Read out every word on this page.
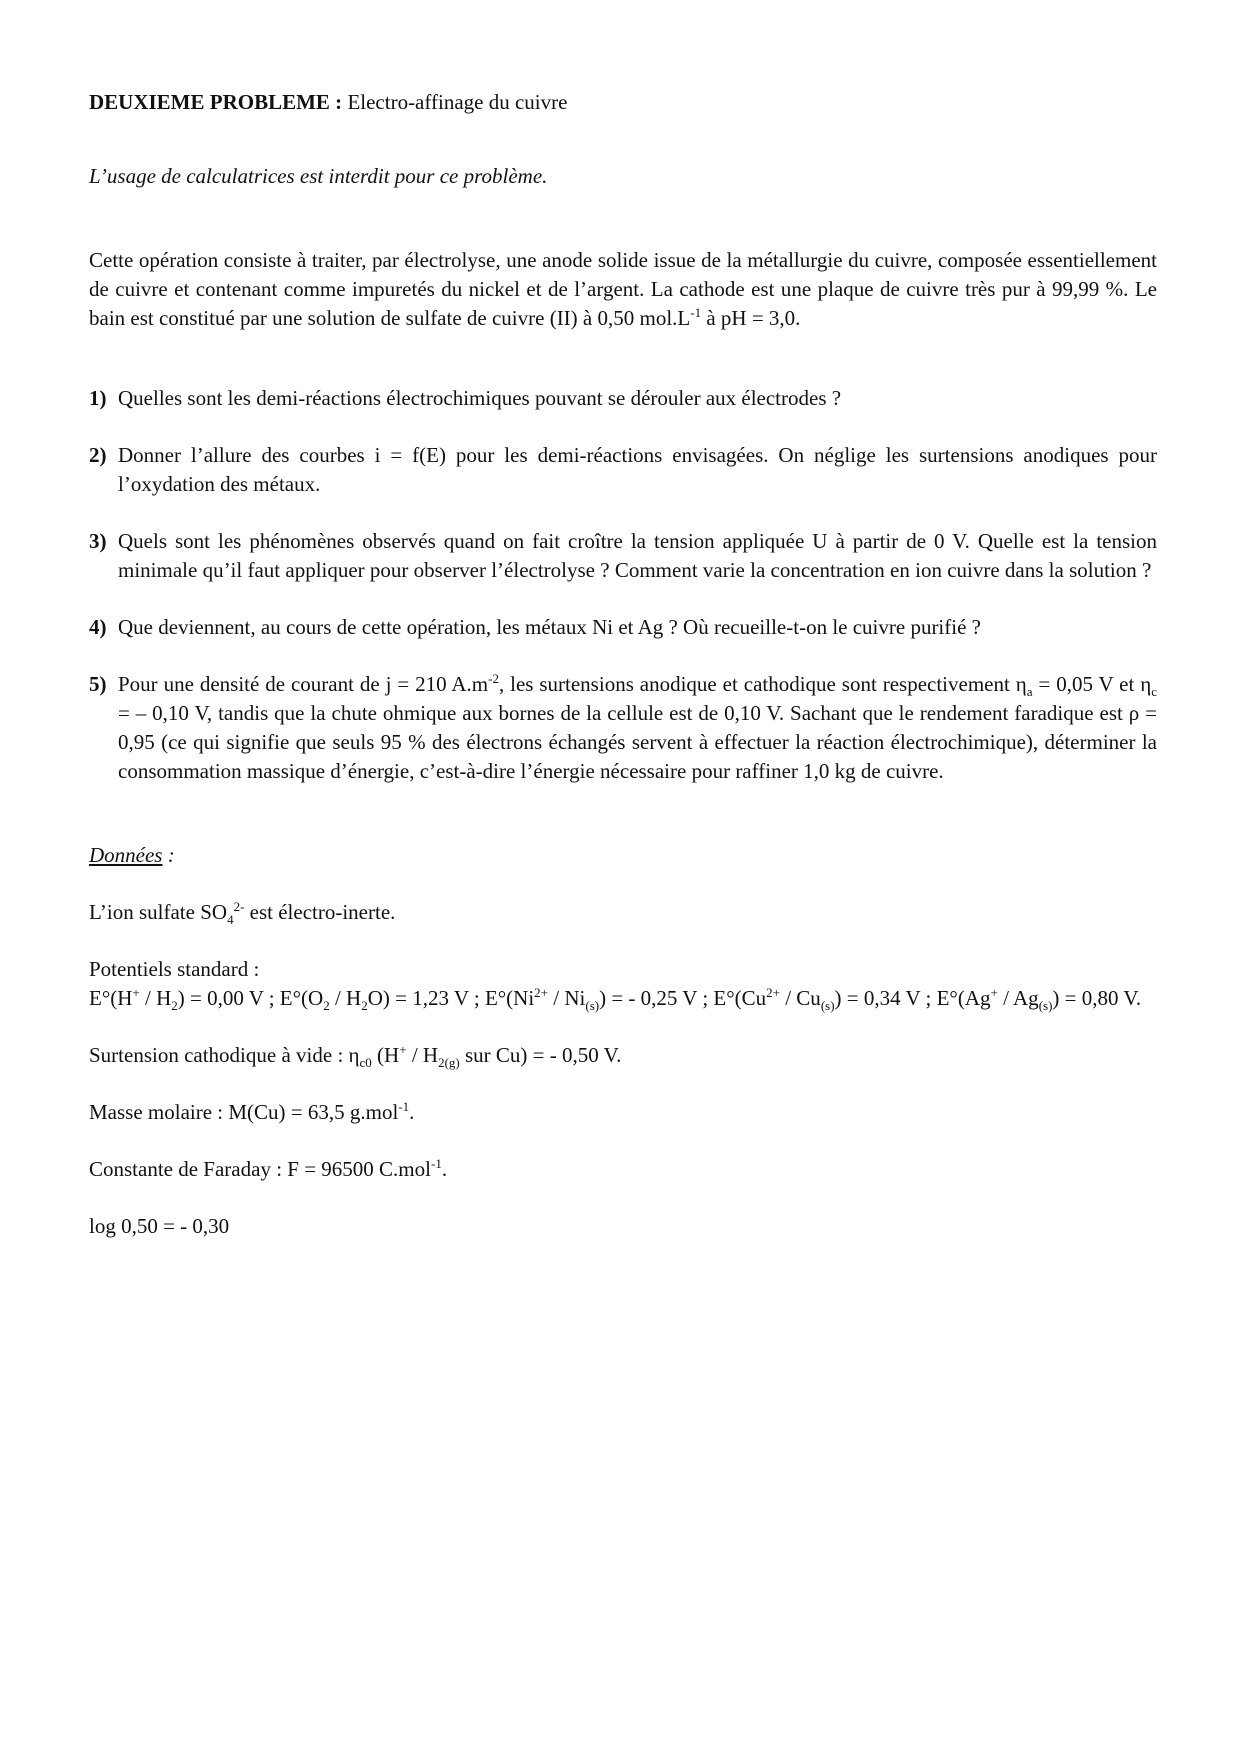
DEUXIEME PROBLEME : Electro-affinage du cuivre

L’usage de calculatrices est interdit pour ce problème.

Cette opération consiste à traiter, par électrolyse, une anode solide issue de la métallurgie du cuivre, composée essentiellement de cuivre et contenant comme impuretés du nickel et de l’argent. La cathode est une plaque de cuivre très pur à 99,99 %. Le bain est constitué par une solution de sulfate de cuivre (II) à 0,50 $mol.L^{-1}$ à pH = 3,0.

1) Quelles sont les demi-réactions électrochimiques pouvant se dérouler aux électrodes ?
2) Donner l’allure des courbes i = f(E) pour les demi-réactions envisagées. On néglige les surtensions anodiques pour l’oxydation des métaux.
3) Quels sont les phénomènes observés quand on fait croître la tension appliquée U à partir de 0 V. Quelle est la tension minimale qu’il faut appliquer pour observer l’électrolyse ? Comment varie la concentration en ion cuivre dans la solution ?
4) Que deviennent, au cours de cette opération, les métaux Ni et Ag ? Où recueille-t-on le cuivre purifié ?
5) Pour une densité de courant de j = 210 $A.m^{-2}$, les surtensions anodique et cathodique sont respectivement $\eta_a = 0,05$ V et $\eta_c$ = – 0,10 V, tandis que la chute ohmique aux bornes de la cellule est de 0,10 V. Sachant que le rendement faradique est ρ = 0,95 (ce qui signifie que seuls 95 % des électrons échangés servent à effectuer la réaction électrochimique), déterminer la consommation massique d’énergie, c’est-à-dire l’énergie nécessaire pour raffiner 1,0 kg de cuivre.

Données :

L’ion sulfate $SO_4^{2-}$ est électro-inerte.

Potentiels standard :
$E^\circ(H^+ / H_2) = 0,00$ V ; $E^\circ(O_2 / H_2O) = 1,23$ V ; $E^\circ(Ni^{2+} / Ni_{(s)})$ = - 0,25 V ; $E^\circ(Cu^{2+} / Cu_{(s)}) = 0,34$ V ; $E^\circ(Ag^+ / Ag_{(s)}) = 0,80$ V.

Surtension cathodique à vide : $\eta_{c0}$ ($H^+ / H_{2(g)}$ sur Cu) = - 0,50 V.

Masse molaire : M(Cu) = 63,5 g.mol$^{-1}$.

Constante de Faraday : F = 96500 C.mol$^{-1}$.

log 0,50 = - 0,30
